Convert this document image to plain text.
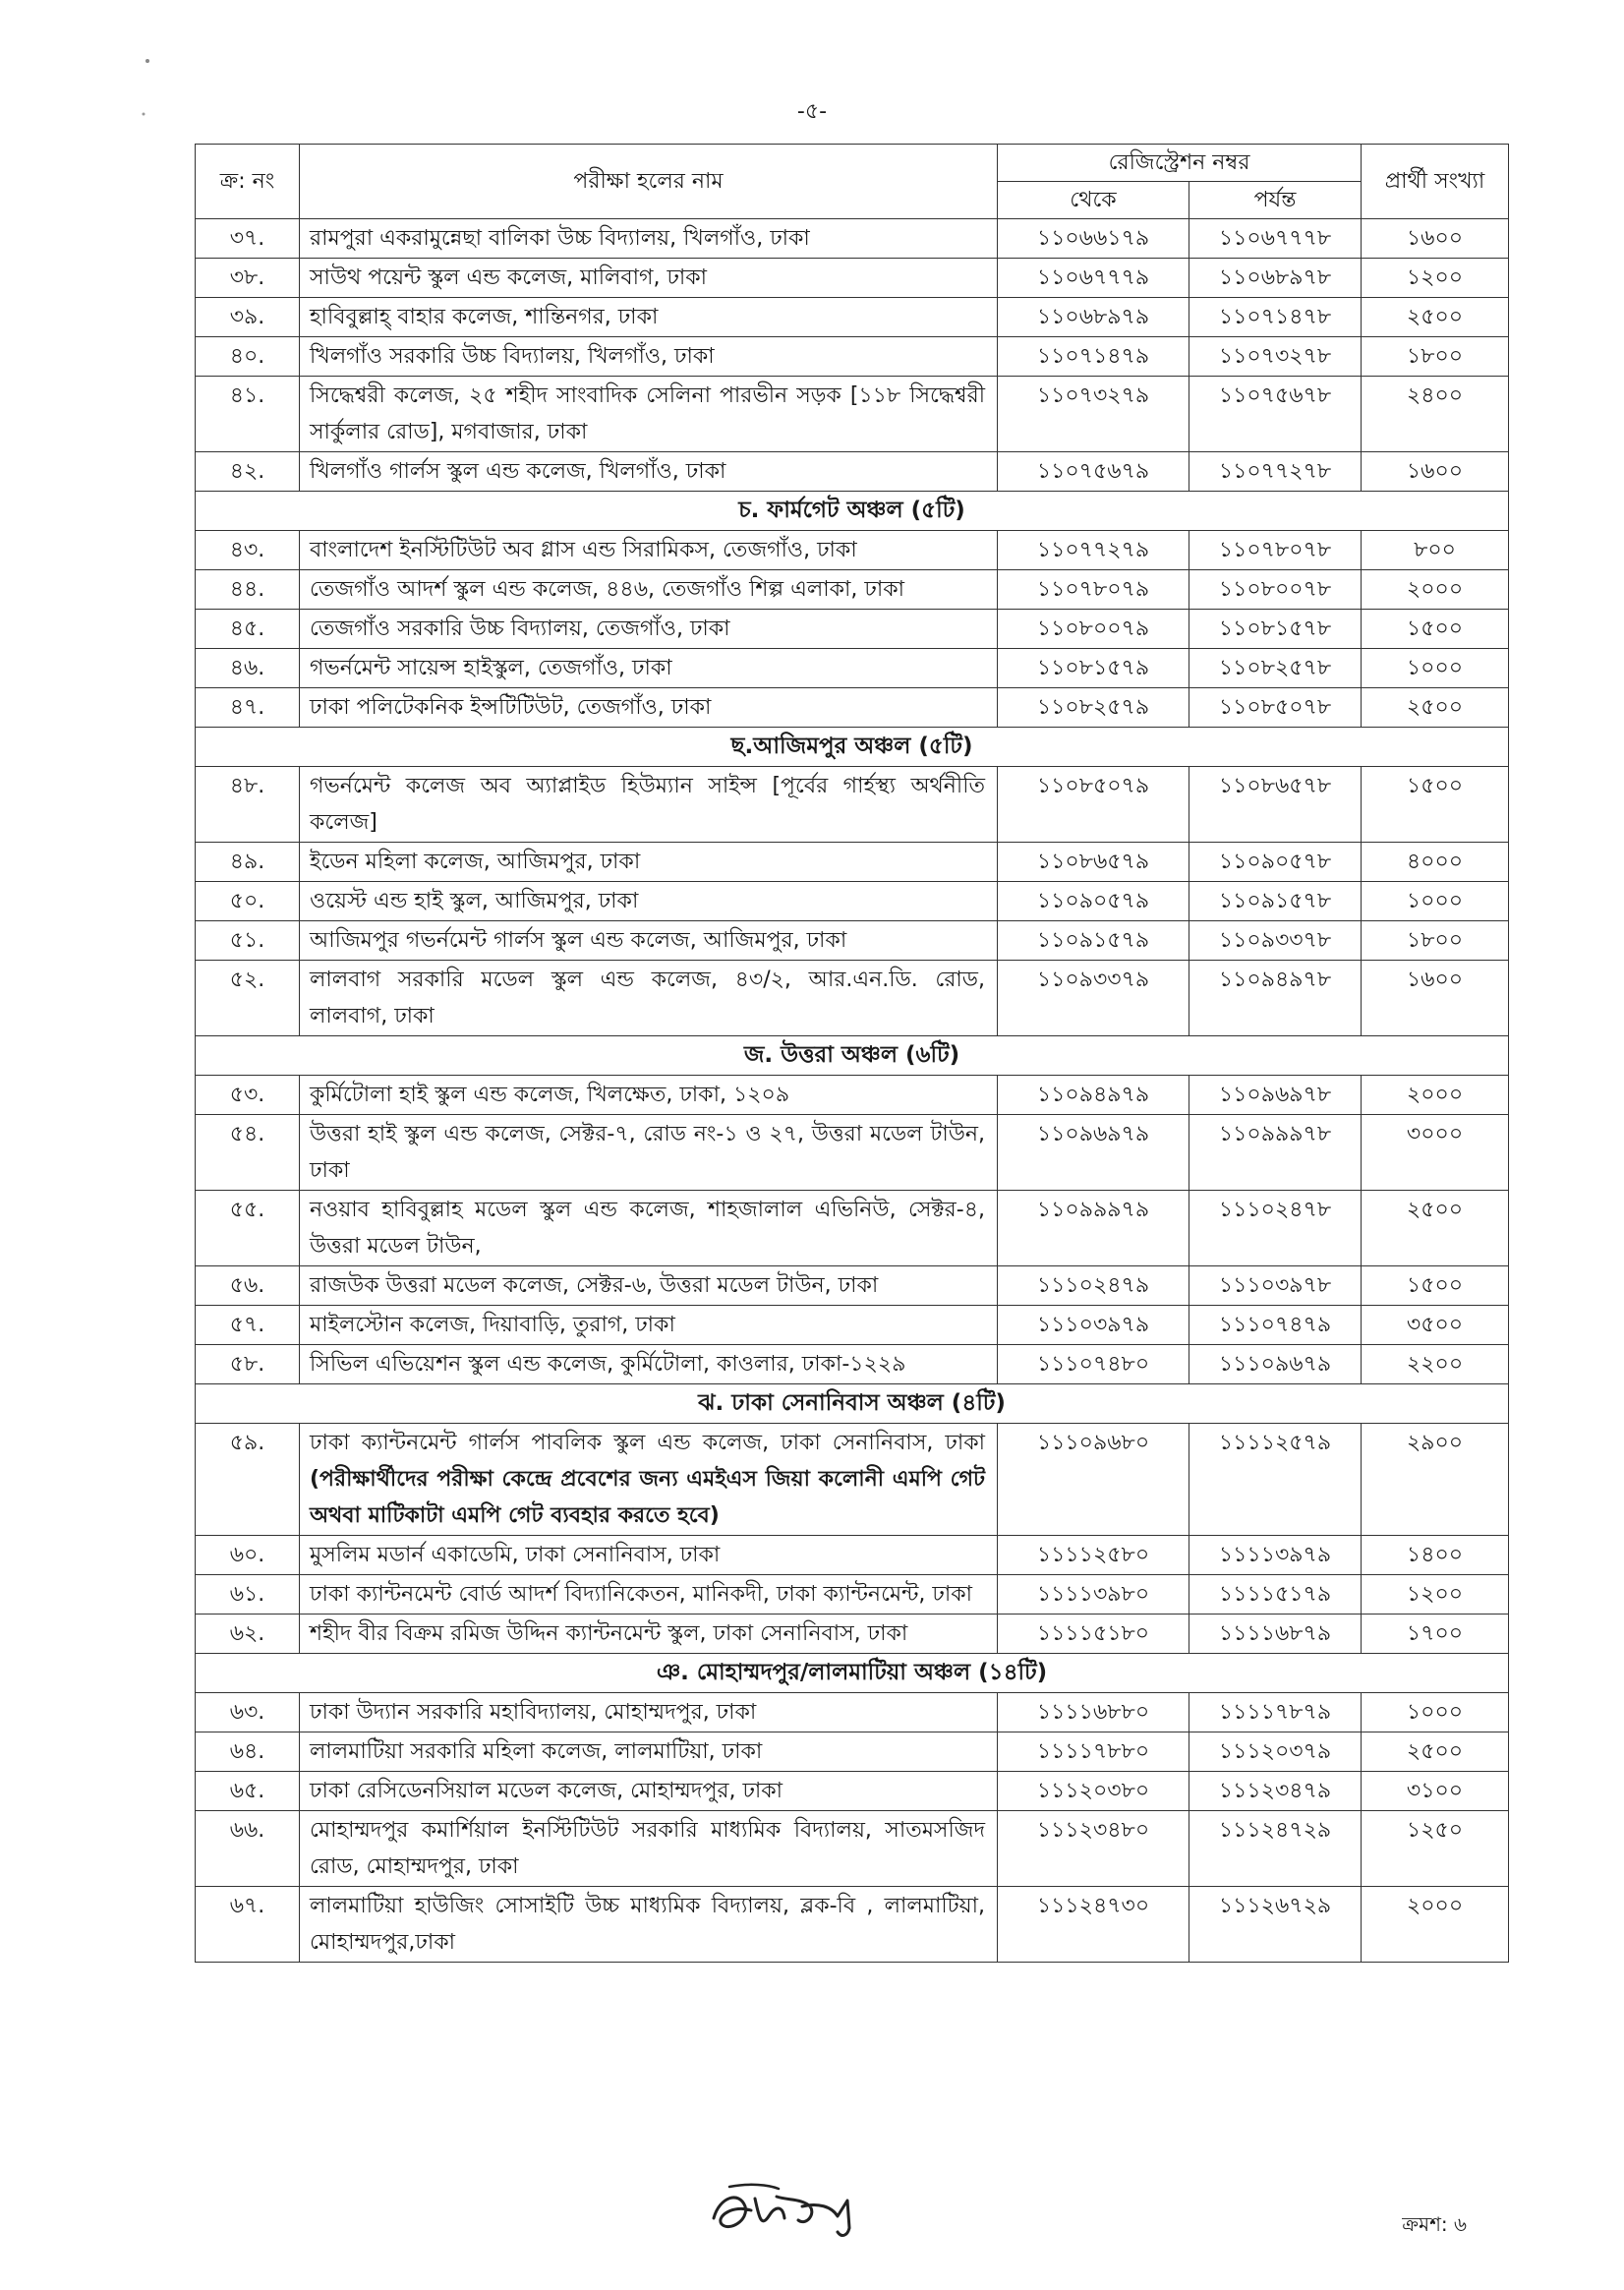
-৫-
ক্র: নং	পরীক্ষা হলের নাম	রেজিস্ট্রেশন নম্বর		প্রার্থী সংখ্যা
		থেকে	পর্যন্ত	
৩৭.	রামপুরা একরামুন্নেছা বালিকা উচ্চ বিদ্যালয়, খিলগাঁও, ঢাকা	১১০৬৬১৭৯	১১০৬৭৭৭৮	১৬০০
৩৮.	সাউথ পয়েন্ট স্কুল এন্ড কলেজ, মালিবাগ, ঢাকা	১১০৬৭৭৭৯	১১০৬৮৯৭৮	১২০০
৩৯.	হাবিবুল্লাহ্ বাহার কলেজ, শান্তিনগর, ঢাকা	১১০৬৮৯৭৯	১১০৭১৪৭৮	২৫০০
৪০.	খিলগাঁও সরকারি উচ্চ বিদ্যালয়, খিলগাঁও, ঢাকা	১১০৭১৪৭৯	১১০৭৩২৭৮	১৮০০
৪১.	সিদ্ধেশ্বরী কলেজ, ২৫ শহীদ সাংবাদিক সেলিনা পারভীন সড়ক [১১৮ সিদ্ধেশ্বরী সার্কুলার রোড], মগবাজার, ঢাকা	১১০৭৩২৭৯	১১০৭৫৬৭৮	২৪০০
৪২.	খিলগাঁও গার্লস স্কুল এন্ড কলেজ, খিলগাঁও, ঢাকা	১১০৭৫৬৭৯	১১০৭৭২৭৮	১৬০০
চ. ফার্মগেট অঞ্চল (৫টি)				
৪৩.	বাংলাদেশ ইনস্টিটিউট অব গ্লাস এন্ড সিরামিকস, তেজগাঁও, ঢাকা	১১০৭৭২৭৯	১১০৭৮০৭৮	৮০০
৪৪.	তেজগাঁও আদর্শ স্কুল এন্ড কলেজ, ৪৪৬, তেজগাঁও শিল্প এলাকা, ঢাকা	১১০৭৮০৭৯	১১০৮০০৭৮	২০০০
৪৫.	তেজগাঁও সরকারি উচ্চ বিদ্যালয়, তেজগাঁও, ঢাকা	১১০৮০০৭৯	১১০৮১৫৭৮	১৫০০
৪৬.	গভর্নমেন্ট সায়েন্স হাইস্কুল, তেজগাঁও, ঢাকা	১১০৮১৫৭৯	১১০৮২৫৭৮	১০০০
৪৭.	ঢাকা পলিটেকনিক ইন্সটিটিউট, তেজগাঁও, ঢাকা	১১০৮২৫৭৯	১১০৮৫০৭৮	২৫০০
ছ.আজিমপুর অঞ্চল (৫টি)				
৪৮.	গভর্নমেন্ট কলেজ অব অ্যাপ্লাইড হিউম্যান সাইন্স [পূর্বের গার্হস্থ্য অর্থনীতি কলেজ]	১১০৮৫০৭৯	১১০৮৬৫৭৮	১৫০০
৪৯.	ইডেন মহিলা কলেজ, আজিমপুর, ঢাকা	১১০৮৬৫৭৯	১১০৯০৫৭৮	৪০০০
৫০.	ওয়েস্ট এন্ড হাই স্কুল, আজিমপুর, ঢাকা	১১০৯০৫৭৯	১১০৯১৫৭৮	১০০০
৫১.	আজিমপুর গভর্নমেন্ট গার্লস স্কুল এন্ড কলেজ, আজিমপুর, ঢাকা	১১০৯১৫৭৯	১১০৯৩৩৭৮	১৮০০
৫২.	লালবাগ সরকারি মডেল স্কুল এন্ড কলেজ, ৪৩/২, আর.এন.ডি. রোড, লালবাগ, ঢাকা	১১০৯৩৩৭৯	১১০৯৪৯৭৮	১৬০০
জ. উত্তরা অঞ্চল (৬টি)				
৫৩.	কুর্মিটোলা হাই স্কুল এন্ড কলেজ, খিলক্ষেত, ঢাকা, ১২০৯	১১০৯৪৯৭৯	১১০৯৬৯৭৮	২০০০
৫৪.	উত্তরা হাই স্কুল এন্ড কলেজ, সেক্টর-৭, রোড নং-১ ও ২৭, উত্তরা মডেল টাউন, ঢাকা	১১০৯৬৯৭৯	১১০৯৯৯৭৮	৩০০০
৫৫.	নওয়াব হাবিবুল্লাহ মডেল স্কুল এন্ড কলেজ, শাহজালাল এভিনিউ, সেক্টর-৪, উত্তরা মডেল টাউন,	১১০৯৯৯৭৯	১১১০২৪৭৮	২৫০০
৫৬.	রাজউক উত্তরা মডেল কলেজ, সেক্টর-৬, উত্তরা মডেল টাউন, ঢাকা	১১১০২৪৭৯	১১১০৩৯৭৮	১৫০০
৫৭.	মাইলস্টোন কলেজ, দিয়াবাড়ি, তুরাগ, ঢাকা	১১১০৩৯৭৯	১১১০৭৪৭৯	৩৫০০
৫৮.	সিভিল এভিয়েশন স্কুল এন্ড কলেজ, কুর্মিটোলা, কাওলার, ঢাকা-১২২৯	১১১০৭৪৮০	১১১০৯৬৭৯	২২০০
ঝ. ঢাকা সেনানিবাস অঞ্চল (৪টি)				
৫৯.	ঢাকা ক্যান্টনমেন্ট গার্লস পাবলিক স্কুল এন্ড কলেজ, ঢাকা সেনানিবাস, ঢাকা (পরীক্ষার্থীদের পরীক্ষা কেন্দ্রে প্রবেশের জন্য এমইএস জিয়া কলোনী এমপি গেট অথবা মাটিকাটা এমপি গেট ব্যবহার করতে হবে)	১১১০৯৬৮০	১১১১২৫৭৯	২৯০০
৬০.	মুসলিম মডার্ন একাডেমি, ঢাকা সেনানিবাস, ঢাকা	১১১১২৫৮০	১১১১৩৯৭৯	১৪০০
৬১.	ঢাকা ক্যান্টনমেন্ট বোর্ড আদর্শ বিদ্যানিকেতন, মানিকদী, ঢাকা ক্যান্টনমেন্ট, ঢাকা	১১১১৩৯৮০	১১১১৫১৭৯	১২০০
৬২.	শহীদ বীর বিক্রম রমিজ উদ্দিন ক্যান্টনমেন্ট স্কুল, ঢাকা সেনানিবাস, ঢাকা	১১১১৫১৮০	১১১১৬৮৭৯	১৭০০
ঞ. মোহাম্মদপুর/লালমাটিয়া অঞ্চল (১৪টি)				
৬৩.	ঢাকা উদ্যান সরকারি মহাবিদ্যালয়, মোহাম্মদপুর, ঢাকা	১১১১৬৮৮০	১১১১৭৮৭৯	১০০০
৬৪.	লালমাটিয়া সরকারি মহিলা কলেজ, লালমাটিয়া, ঢাকা	১১১১৭৮৮০	১১১২০৩৭৯	২৫০০
৬৫.	ঢাকা রেসিডেনসিয়াল মডেল কলেজ, মোহাম্মদপুর, ঢাকা	১১১২০৩৮০	১১১২৩৪৭৯	৩১০০
৬৬.	মোহাম্মদপুর কমার্শিয়াল ইনস্টিটিউট সরকারি মাধ্যমিক বিদ্যালয়, সাতমসজিদ রোড, মোহাম্মদপুর, ঢাকা	১১১২৩৪৮০	১১১২৪৭২৯	১২৫০
৬৭.	লালমাটিয়া হাউজিং সোসাইটি উচ্চ মাধ্যমিক বিদ্যালয়, ব্লক-বি , লালমাটিয়া, মোহাম্মদপুর,ঢাকা	১১১২৪৭৩০	১১১২৬৭২৯	২০০০
ক্রমশ: ৬
